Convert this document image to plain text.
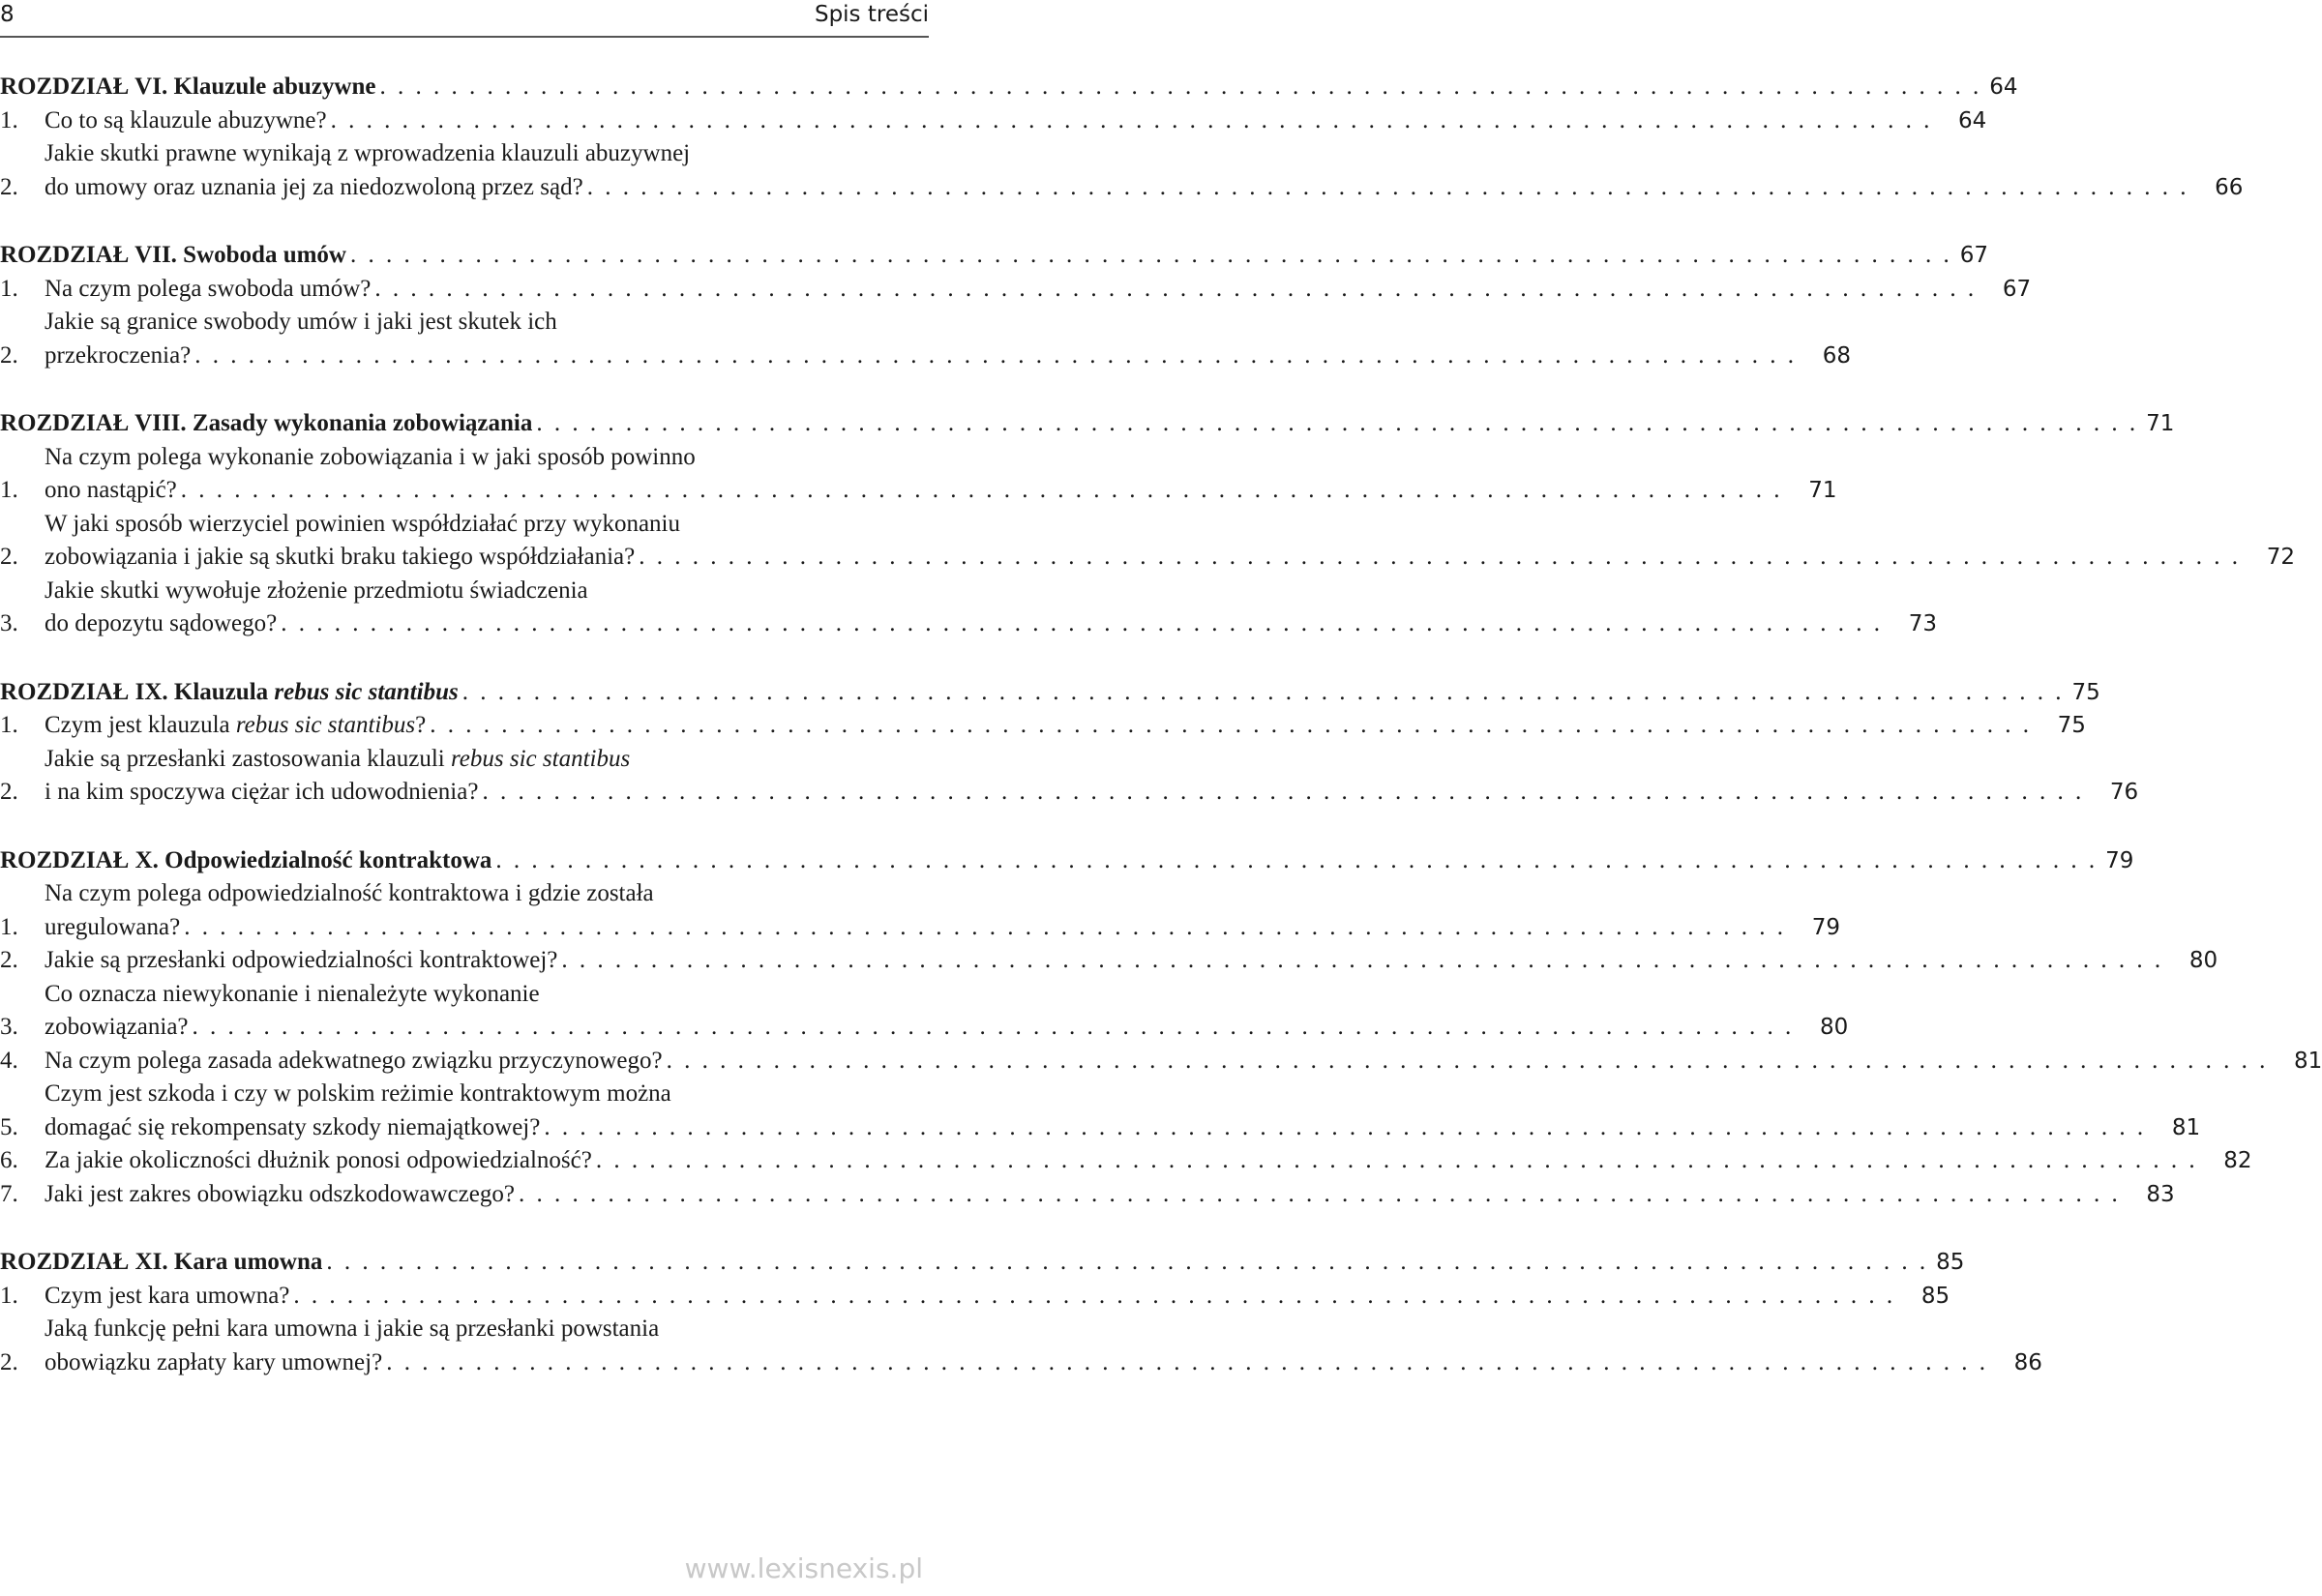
8	Spis treści
ROZDZIAŁ VI. Klauzule abuzywne . . .	64
1. Co to są klauzule abuzywne? . . .	64
2.
Jakie skutki prawne wynikają z wprowadzenia klauzuli abuzywnej
do umowy oraz uznania jej za niedozwoloną przez sąd? . . .	66
ROZDZIAŁ VII. Swoboda umów . . .	67
1. Na czym polega swoboda umów? . . .	67
2.
Jakie są granice swobody umów i jaki jest skutek ich
przekroczenia? . . .	68
ROZDZIAŁ VIII. Zasady wykonania zobowiązania . . .	71
1.
Na czym polega wykonanie zobowiązania i w jaki sposób powinno
ono nastąpić? . . .	71
2.
W jaki sposób wierzyciel powinien współdziałać przy wykonaniu
zobowiązania i jakie są skutki braku takiego współdziałania? . . .	72
3.
Jakie skutki wywołuje złożenie przedmiotu świadczenia
do depozytu sądowego? . . .	73
ROZDZIAŁ IX. Klauzula rebus sic stantibus . . .	75
1. Czym jest klauzula rebus sic stantibus? . . .	75
2.
Jakie są przesłanki zastosowania klauzuli rebus sic stantibus
i na kim spoczywa ciężar ich udowodnienia? . . .	76
ROZDZIAŁ X. Odpowiedzialność kontraktowa . . .	79
1.
Na czym polega odpowiedzialność kontraktowa i gdzie została
uregulowana? . . .	79
2. Jakie są przesłanki odpowiedzialności kontraktowej? . . .	80
3.
Co oznacza niewykonanie i nienależyte wykonanie
zobowiązania? . . .	80
4. Na czym polega zasada adekwatnego związku przyczynowego? . . .	81
5.
Czym jest szkoda i czy w polskim reżimie kontraktowym można
domagać się rekompensaty szkody niemajątkowej? . . .	81
6. Za jakie okoliczności dłużnik ponosi odpowiedzialność? . . .	82
7. Jaki jest zakres obowiązku odszkodowawczego? . . .	83
ROZDZIAŁ XI. Kara umowna . . .	85
1. Czym jest kara umowna? . . .	85
2.
Jaką funkcję pełni kara umowna i jakie są przesłanki powstania
obowiązku zapłaty kary umownej? . . .	86
www.lexisnexis.pl
